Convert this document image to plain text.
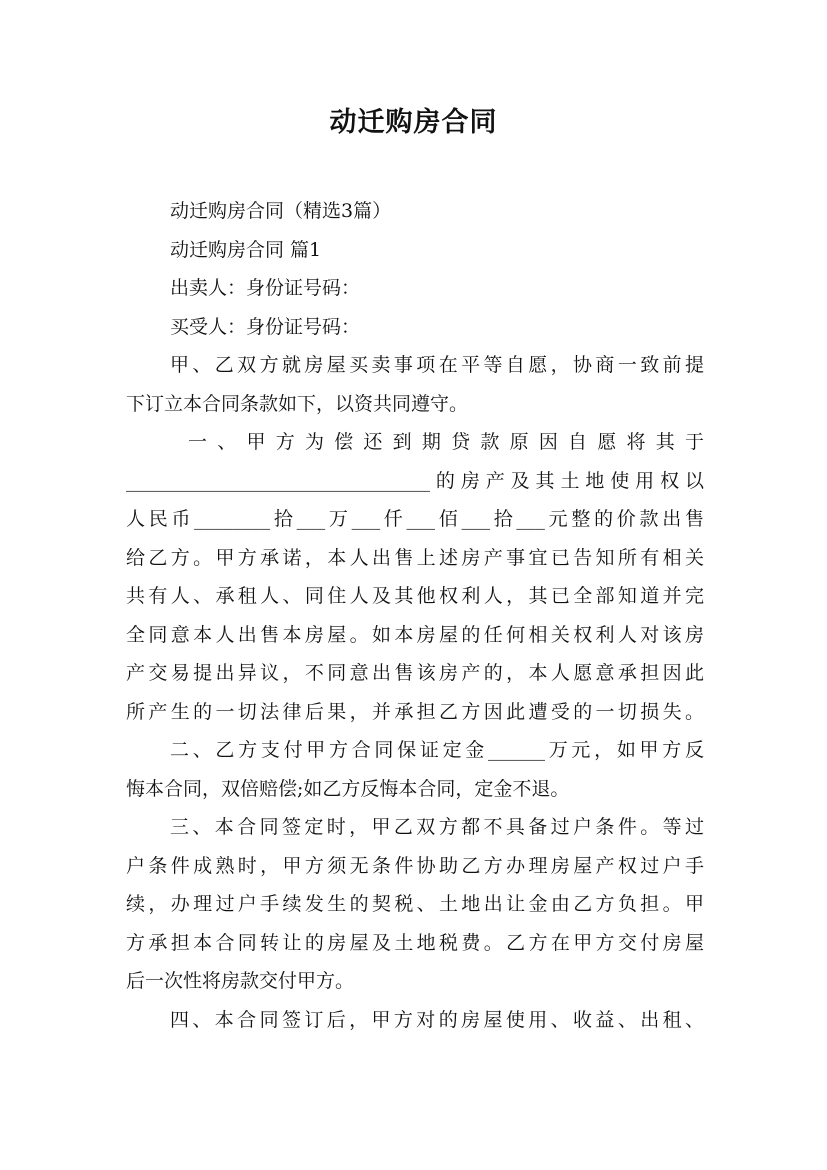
动迁购房合同
动迁购房合同（精选3篇）
动迁购房合同 篇1
出卖人：身份证号码：
买受人：身份证号码：
甲、乙双方就房屋买卖事项在平等自愿，协商一致前提
下订立本合同条款如下，以资共同遵守。
一、甲方为偿还到期贷款原因自愿将其于
________________________________的房产及其土地使用权以
人民币________拾___万___仟___佰___拾___元整的价款出售
给乙方。甲方承诺，本人出售上述房产事宜已告知所有相关
共有人、承租人、同住人及其他权利人，其已全部知道并完
全同意本人出售本房屋。如本房屋的任何相关权利人对该房
产交易提出异议，不同意出售该房产的，本人愿意承担因此
所产生的一切法律后果，并承担乙方因此遭受的一切损失。
二、乙方支付甲方合同保证定金______万元，如甲方反
悔本合同，双倍赔偿;如乙方反悔本合同，定金不退。
三、本合同签定时，甲乙双方都不具备过户条件。等过
户条件成熟时，甲方须无条件协助乙方办理房屋产权过户手
续，办理过户手续发生的契税、土地出让金由乙方负担。甲
方承担本合同转让的房屋及土地税费。乙方在甲方交付房屋
后一次性将房款交付甲方。
四、本合同签订后，甲方对的房屋使用、收益、出租、
